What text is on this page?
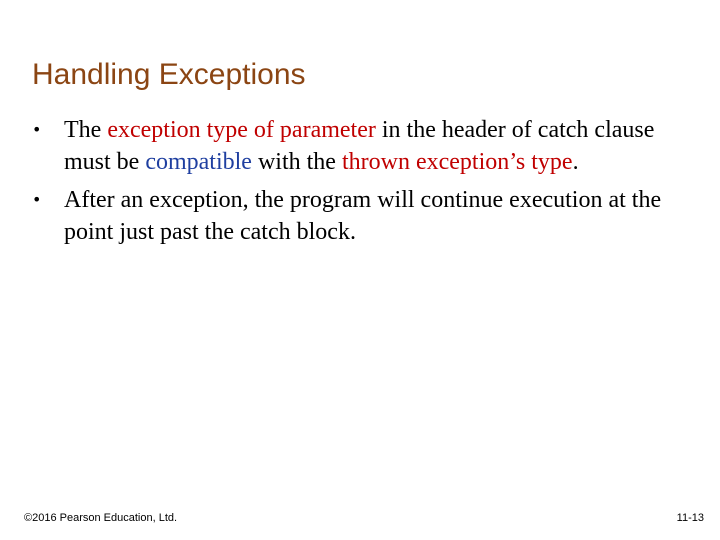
Handling Exceptions
• The exception type of parameter in the header of catch clause must be compatible with the thrown exception’s type.
• After an exception, the program will continue execution at the point just past the catch block.
©2016 Pearson Education, Ltd.	11-13
